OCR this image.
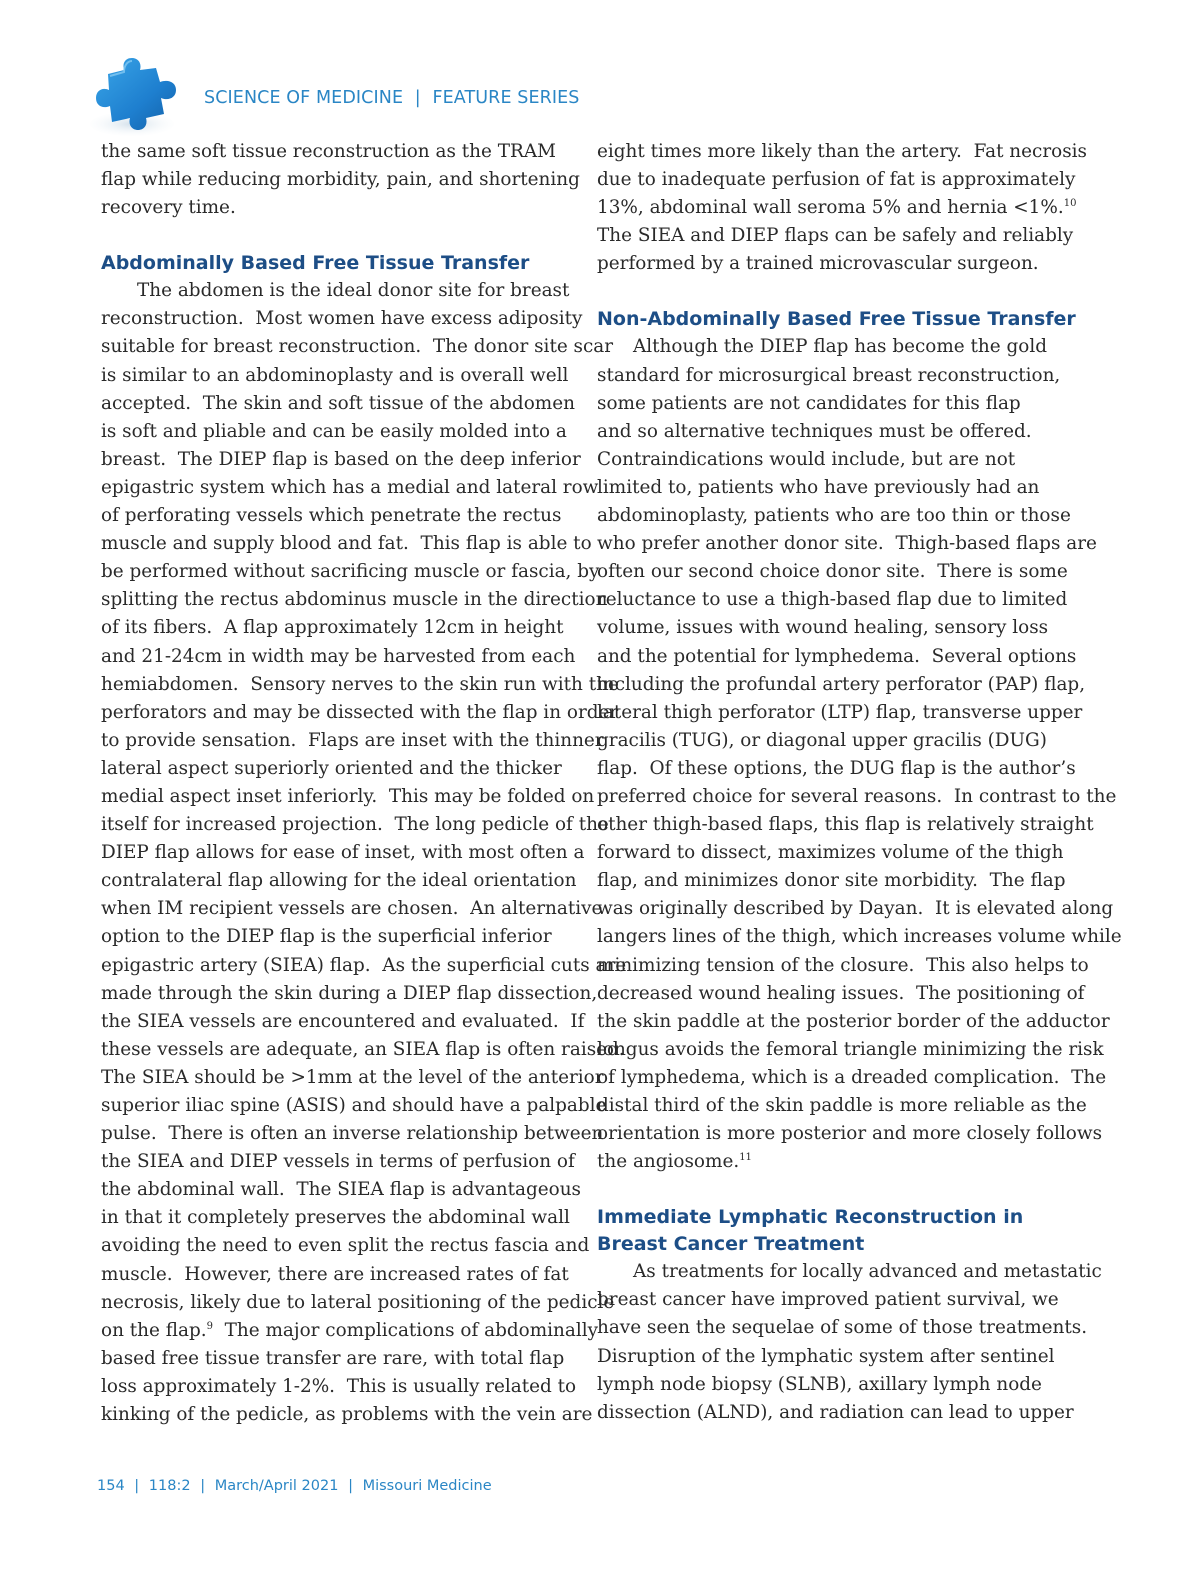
SCIENCE OF MEDICINE | FEATURE SERIES
the same soft tissue reconstruction as the TRAM
flap while reducing morbidity, pain, and shortening
recovery time.
Abdominally Based Free Tissue Transfer
The abdomen is the ideal donor site for breast
reconstruction.  Most women have excess adiposity
suitable for breast reconstruction.  The donor site scar
is similar to an abdominoplasty and is overall well
accepted.  The skin and soft tissue of the abdomen
is soft and pliable and can be easily molded into a
breast.  The DIEP flap is based on the deep inferior
epigastric system which has a medial and lateral row
of perforating vessels which penetrate the rectus
muscle and supply blood and fat.  This flap is able to
be performed without sacrificing muscle or fascia, by
splitting the rectus abdominus muscle in the direction
of its fibers.  A flap approximately 12cm in height
and 21-24cm in width may be harvested from each
hemiabdomen.  Sensory nerves to the skin run with the
perforators and may be dissected with the flap in order
to provide sensation.  Flaps are inset with the thinner
lateral aspect superiorly oriented and the thicker
medial aspect inset inferiorly.  This may be folded on
itself for increased projection.  The long pedicle of the
DIEP flap allows for ease of inset, with most often a
contralateral flap allowing for the ideal orientation
when IM recipient vessels are chosen.  An alternative
option to the DIEP flap is the superficial inferior
epigastric artery (SIEA) flap.  As the superficial cuts are
made through the skin during a DIEP flap dissection,
the SIEA vessels are encountered and evaluated.  If
these vessels are adequate, an SIEA flap is often raised.
The SIEA should be >1mm at the level of the anterior
superior iliac spine (ASIS) and should have a palpable
pulse.  There is often an inverse relationship between
the SIEA and DIEP vessels in terms of perfusion of
the abdominal wall.  The SIEA flap is advantageous
in that it completely preserves the abdominal wall
avoiding the need to even split the rectus fascia and
muscle.  However, there are increased rates of fat
necrosis, likely due to lateral positioning of the pedicle
on the flap.$^9$  The major complications of abdominally
based free tissue transfer are rare, with total flap
loss approximately 1-2%.  This is usually related to
kinking of the pedicle, as problems with the vein are
eight times more likely than the artery.  Fat necrosis
due to inadequate perfusion of fat is approximately
13%, abdominal wall seroma 5% and hernia <1%.$^{10}$
The SIEA and DIEP flaps can be safely and reliably
performed by a trained microvascular surgeon.
Non-Abdominally Based Free Tissue Transfer
Although the DIEP flap has become the gold
standard for microsurgical breast reconstruction,
some patients are not candidates for this flap
and so alternative techniques must be offered.
Contraindications would include, but are not
limited to, patients who have previously had an
abdominoplasty, patients who are too thin or those
who prefer another donor site.  Thigh-based flaps are
often our second choice donor site.  There is some
reluctance to use a thigh-based flap due to limited
volume, issues with wound healing, sensory loss
and the potential for lymphedema.  Several options
including the profundal artery perforator (PAP) flap,
lateral thigh perforator (LTP) flap, transverse upper
gracilis (TUG), or diagonal upper gracilis (DUG)
flap.  Of these options, the DUG flap is the author’s
preferred choice for several reasons.  In contrast to the
other thigh-based flaps, this flap is relatively straight
forward to dissect, maximizes volume of the thigh
flap, and minimizes donor site morbidity.  The flap
was originally described by Dayan.  It is elevated along
langers lines of the thigh, which increases volume while
minimizing tension of the closure.  This also helps to
decreased wound healing issues.  The positioning of
the skin paddle at the posterior border of the adductor
longus avoids the femoral triangle minimizing the risk
of lymphedema, which is a dreaded complication.  The
distal third of the skin paddle is more reliable as the
orientation is more posterior and more closely follows
the angiosome.$^{11}$
Immediate Lymphatic Reconstruction in
Breast Cancer Treatment
As treatments for locally advanced and metastatic
breast cancer have improved patient survival, we
have seen the sequelae of some of those treatments.
Disruption of the lymphatic system after sentinel
lymph node biopsy (SLNB), axillary lymph node
dissection (ALND), and radiation can lead to upper
154 | 118:2 | March/April 2021 | Missouri Medicine
